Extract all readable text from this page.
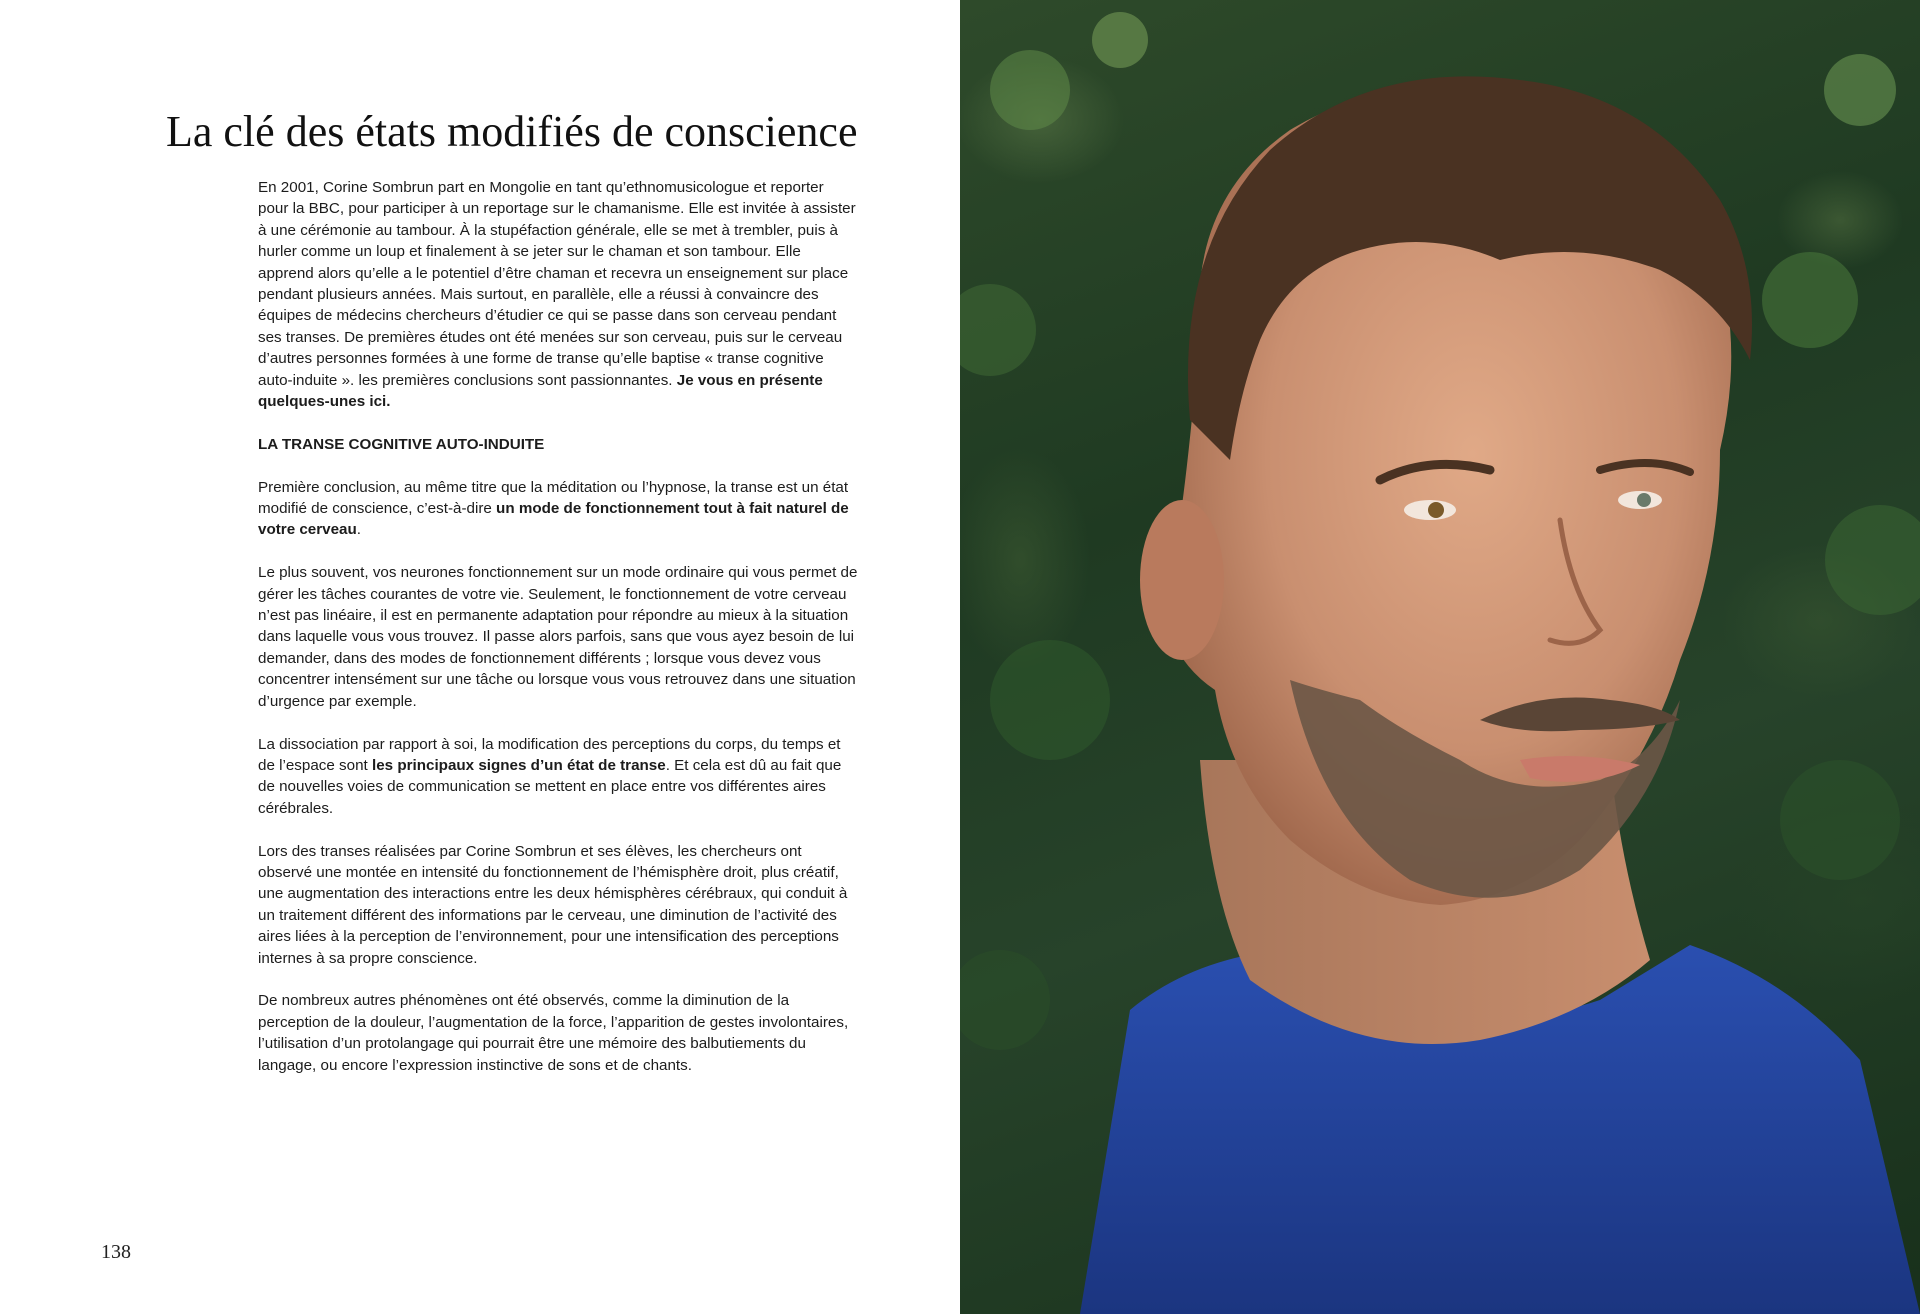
La clé des états modifiés de conscience

En 2001, Corine Sombrun part en Mongolie en tant qu’ethnomusicologue et reporter pour la BBC, pour participer à un reportage sur le chamanisme. Elle est invitée à assister à une cérémonie au tambour. À la stupéfaction générale, elle se met à trembler, puis à hurler comme un loup et finalement à se jeter sur le chaman et son tambour. Elle apprend alors qu’elle a le potentiel d’être chaman et recevra un enseignement sur place pendant plusieurs années. Mais surtout, en parallèle, elle a réussi à convaincre des équipes de médecins chercheurs d’étudier ce qui se passe dans son cerveau pendant ses transes. De premières études ont été menées sur son cerveau, puis sur le cerveau d’autres personnes formées à une forme de transe qu’elle baptise « transe cognitive auto-induite ». les premières conclusions sont passionnantes. Je vous en présente quelques-unes ici.

LA TRANSE COGNITIVE AUTO-INDUITE

Première conclusion, au même titre que la méditation ou l’hypnose, la transe est un état modifié de conscience, c’est-à-dire un mode de fonctionnement tout à fait naturel de votre cerveau.

Le plus souvent, vos neurones fonctionnement sur un mode ordinaire qui vous permet de gérer les tâches courantes de votre vie. Seulement, le fonctionnement de votre cerveau n’est pas linéaire, il est en permanente adaptation pour répondre au mieux à la situation dans laquelle vous vous trouvez. Il passe alors parfois, sans que vous ayez besoin de lui demander, dans des modes de fonctionnement différents ; lorsque vous devez vous concentrer intensément sur une tâche ou lorsque vous vous retrouvez dans une situation d’urgence par exemple.

La dissociation par rapport à soi, la modification des perceptions du corps, du temps et de l’espace sont les principaux signes d’un état de transe. Et cela est dû au fait que de nouvelles voies de communication se mettent en place entre vos différentes aires cérébrales.

Lors des transes réalisées par Corine Sombrun et ses élèves, les chercheurs ont observé une montée en intensité du fonctionnement de l’hémisphère droit, plus créatif, une augmentation des interactions entre les deux hémisphères cérébraux, qui conduit à un traitement différent des informations par le cerveau, une diminution de l’activité des aires liées à la perception de l’environnement, pour une intensification des perceptions internes à sa propre conscience.

De nombreux autres phénomènes ont été observés, comme la diminution de la perception de la douleur, l’augmentation de la force, l’apparition de gestes involontaires, l’utilisation d’un protolangage qui pourrait être une mémoire des balbutiements du langage, ou encore l’expression instinctive de sons et de chants.

138
